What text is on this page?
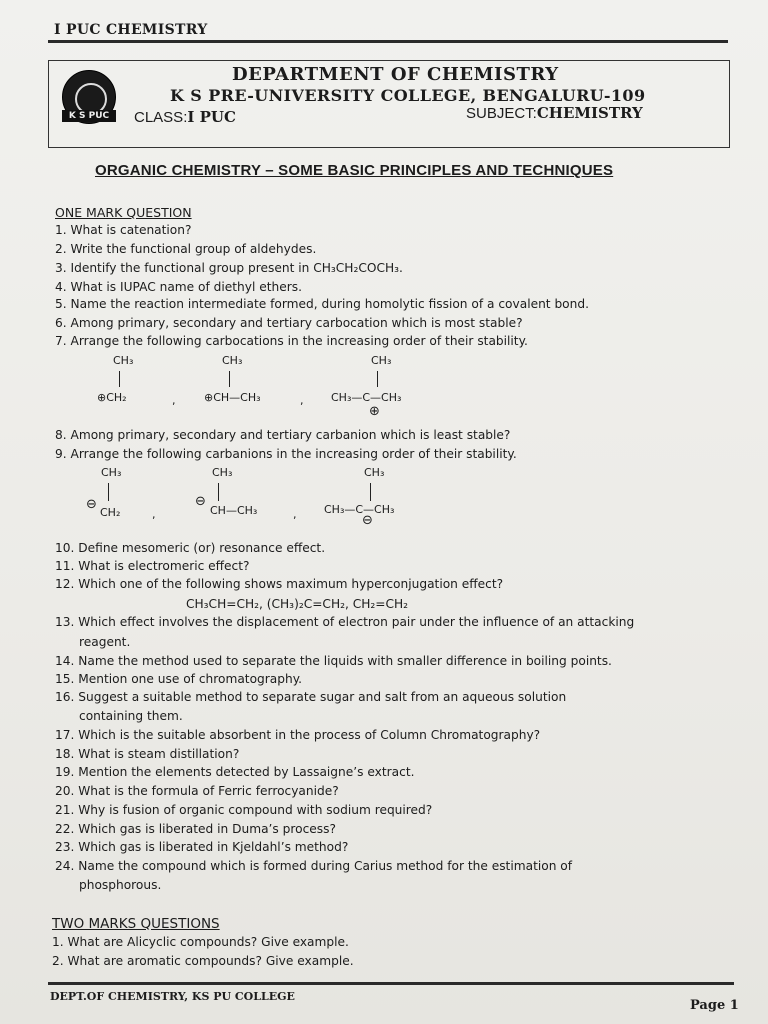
I PUC CHEMISTRY
K S PUC
DEPARTMENT OF CHEMISTRY
K S PRE-UNIVERSITY COLLEGE, BENGALURU-109
CLASS:I PUC	SUBJECT:CHEMISTRY
ORGANIC CHEMISTRY – SOME BASIC PRINCIPLES AND TECHNIQUES
ONE MARK QUESTION
1. What is catenation?
2. Write the functional group of aldehydes.
3. Identify the functional group present in CH₃CH₂COCH₃.
4. What is IUPAC name of diethyl ethers.
5. Name the reaction intermediate formed, during homolytic fission of a covalent bond.
6. Among primary, secondary and tertiary carbocation which is most stable?
7. Arrange the following carbocations in the increasing order of their stability.
CH₃
⊕CH₂	,
CH₃
⊕CH—CH₃	,
CH₃
CH₃—C—CH₃
⊕
8. Among primary, secondary and tertiary carbanion which is least stable?
9. Arrange the following carbanions in the increasing order of their stability.
CH₃
⊖
CH₂	,
CH₃
⊖
CH—CH₃	,
CH₃
CH₃—C—CH₃
⊖
10. Define mesomeric (or) resonance effect.
11. What is electromeric effect?
12. Which one of the following shows maximum hyperconjugation effect?
CH₃CH=CH₂, (CH₃)₂C=CH₂, CH₂=CH₂
13. Which effect involves the displacement of electron pair under the influence of an attacking
reagent.
14. Name the method used to separate the liquids with smaller difference in boiling points.
15. Mention one use of chromatography.
16. Suggest a suitable method to separate sugar and salt from an aqueous solution
containing them.
17. Which is the suitable absorbent in the process of Column Chromatography?
18. What is steam distillation?
19. Mention the elements detected by Lassaigne’s extract.
20. What is the formula of Ferric ferrocyanide?
21. Why is fusion of organic compound with sodium required?
22. Which gas is liberated in Duma’s process?
23. Which gas is liberated in Kjeldahl’s method?
24. Name the compound which is formed during Carius method for the estimation of
phosphorous.
TWO MARKS QUESTIONS
1. What are Alicyclic compounds? Give example.
2. What are aromatic compounds? Give example.
DEPT.OF CHEMISTRY, KS PU COLLEGE
Page 1
